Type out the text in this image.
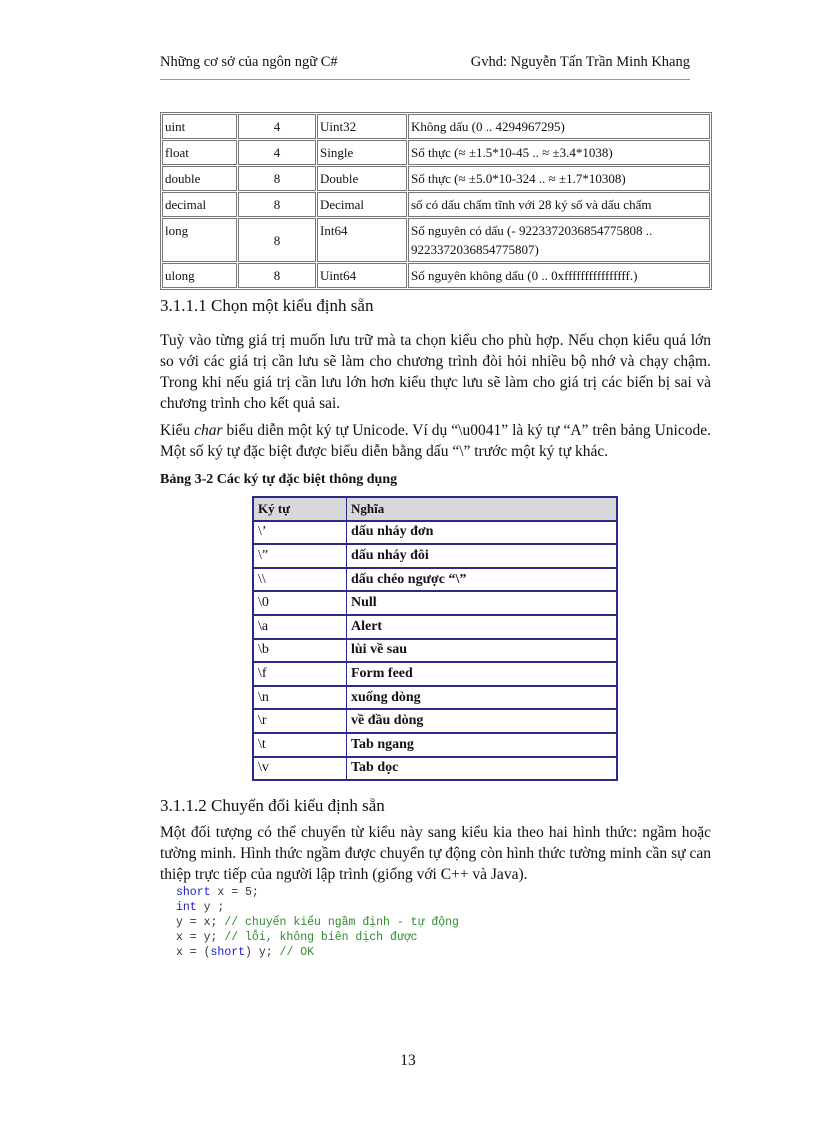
Những cơ sở của ngôn ngữ C#	Gvhd: Nguyễn Tấn Trần Minh Khang
uint	4	Uint32	Không dấu (0 .. 4294967295)
float	4	Single	Số thực (≈ ±1.5*10-45 .. ≈ ±3.4*1038)
double	8	Double	Số thực (≈ ±5.0*10-324 .. ≈ ±1.7*10308)
decimal	8	Decimal	số có dấu chấm tĩnh với 28 ký số và dấu chấm
long	8	Int64	Số nguyên có dấu (- 9223372036854775808 .. 9223372036854775807)
ulong	8	Uint64	Số nguyên không dấu (0 .. 0xffffffffffffffff.)
3.1.1.1 Chọn một kiểu định sẵn
Tuỳ vào từng giá trị muốn lưu trữ mà ta chọn kiểu cho phù hợp. Nếu chọn kiểu quá lớn so với các giá trị cần lưu sẽ làm cho chương trình đòi hỏi nhiều bộ nhớ và chạy chậm. Trong khi nếu giá trị cần lưu lớn hơn kiểu thực lưu sẽ làm cho giá trị các biến bị sai và chương trình cho kết quả sai.
Kiểu char biểu diễn một ký tự Unicode. Ví dụ “\u0041” là ký tự “A” trên bảng Unicode. Một số ký tự đặc biệt được biểu diễn bằng dấu “\” trước một ký tự khác.
Bảng 3-2 Các ký tự đặc biệt thông dụng
Ký tự	Nghĩa
\’	dấu nháy đơn
\”	dấu nháy đôi
\\	dấu chéo ngược “\”
\0	Null
\a	Alert
\b	lùi về sau
\f	Form feed
\n	xuống dòng
\r	về đầu dòng
\t	Tab ngang
\v	Tab dọc
3.1.1.2 Chuyển đổi kiểu định sẵn
Một đối tượng có thể chuyển từ kiểu này sang kiểu kia theo hai hình thức: ngầm hoặc tường minh. Hình thức ngầm được chuyển tự động còn hình thức tường minh cần sự can thiệp trực tiếp của người lập trình (giống với C++ và Java).
short x = 5;
int y ;
y = x; // chuyển kiểu ngầm định - tự động
x = y; // lỗi, không biên dịch được
x = (short) y; // OK
13
